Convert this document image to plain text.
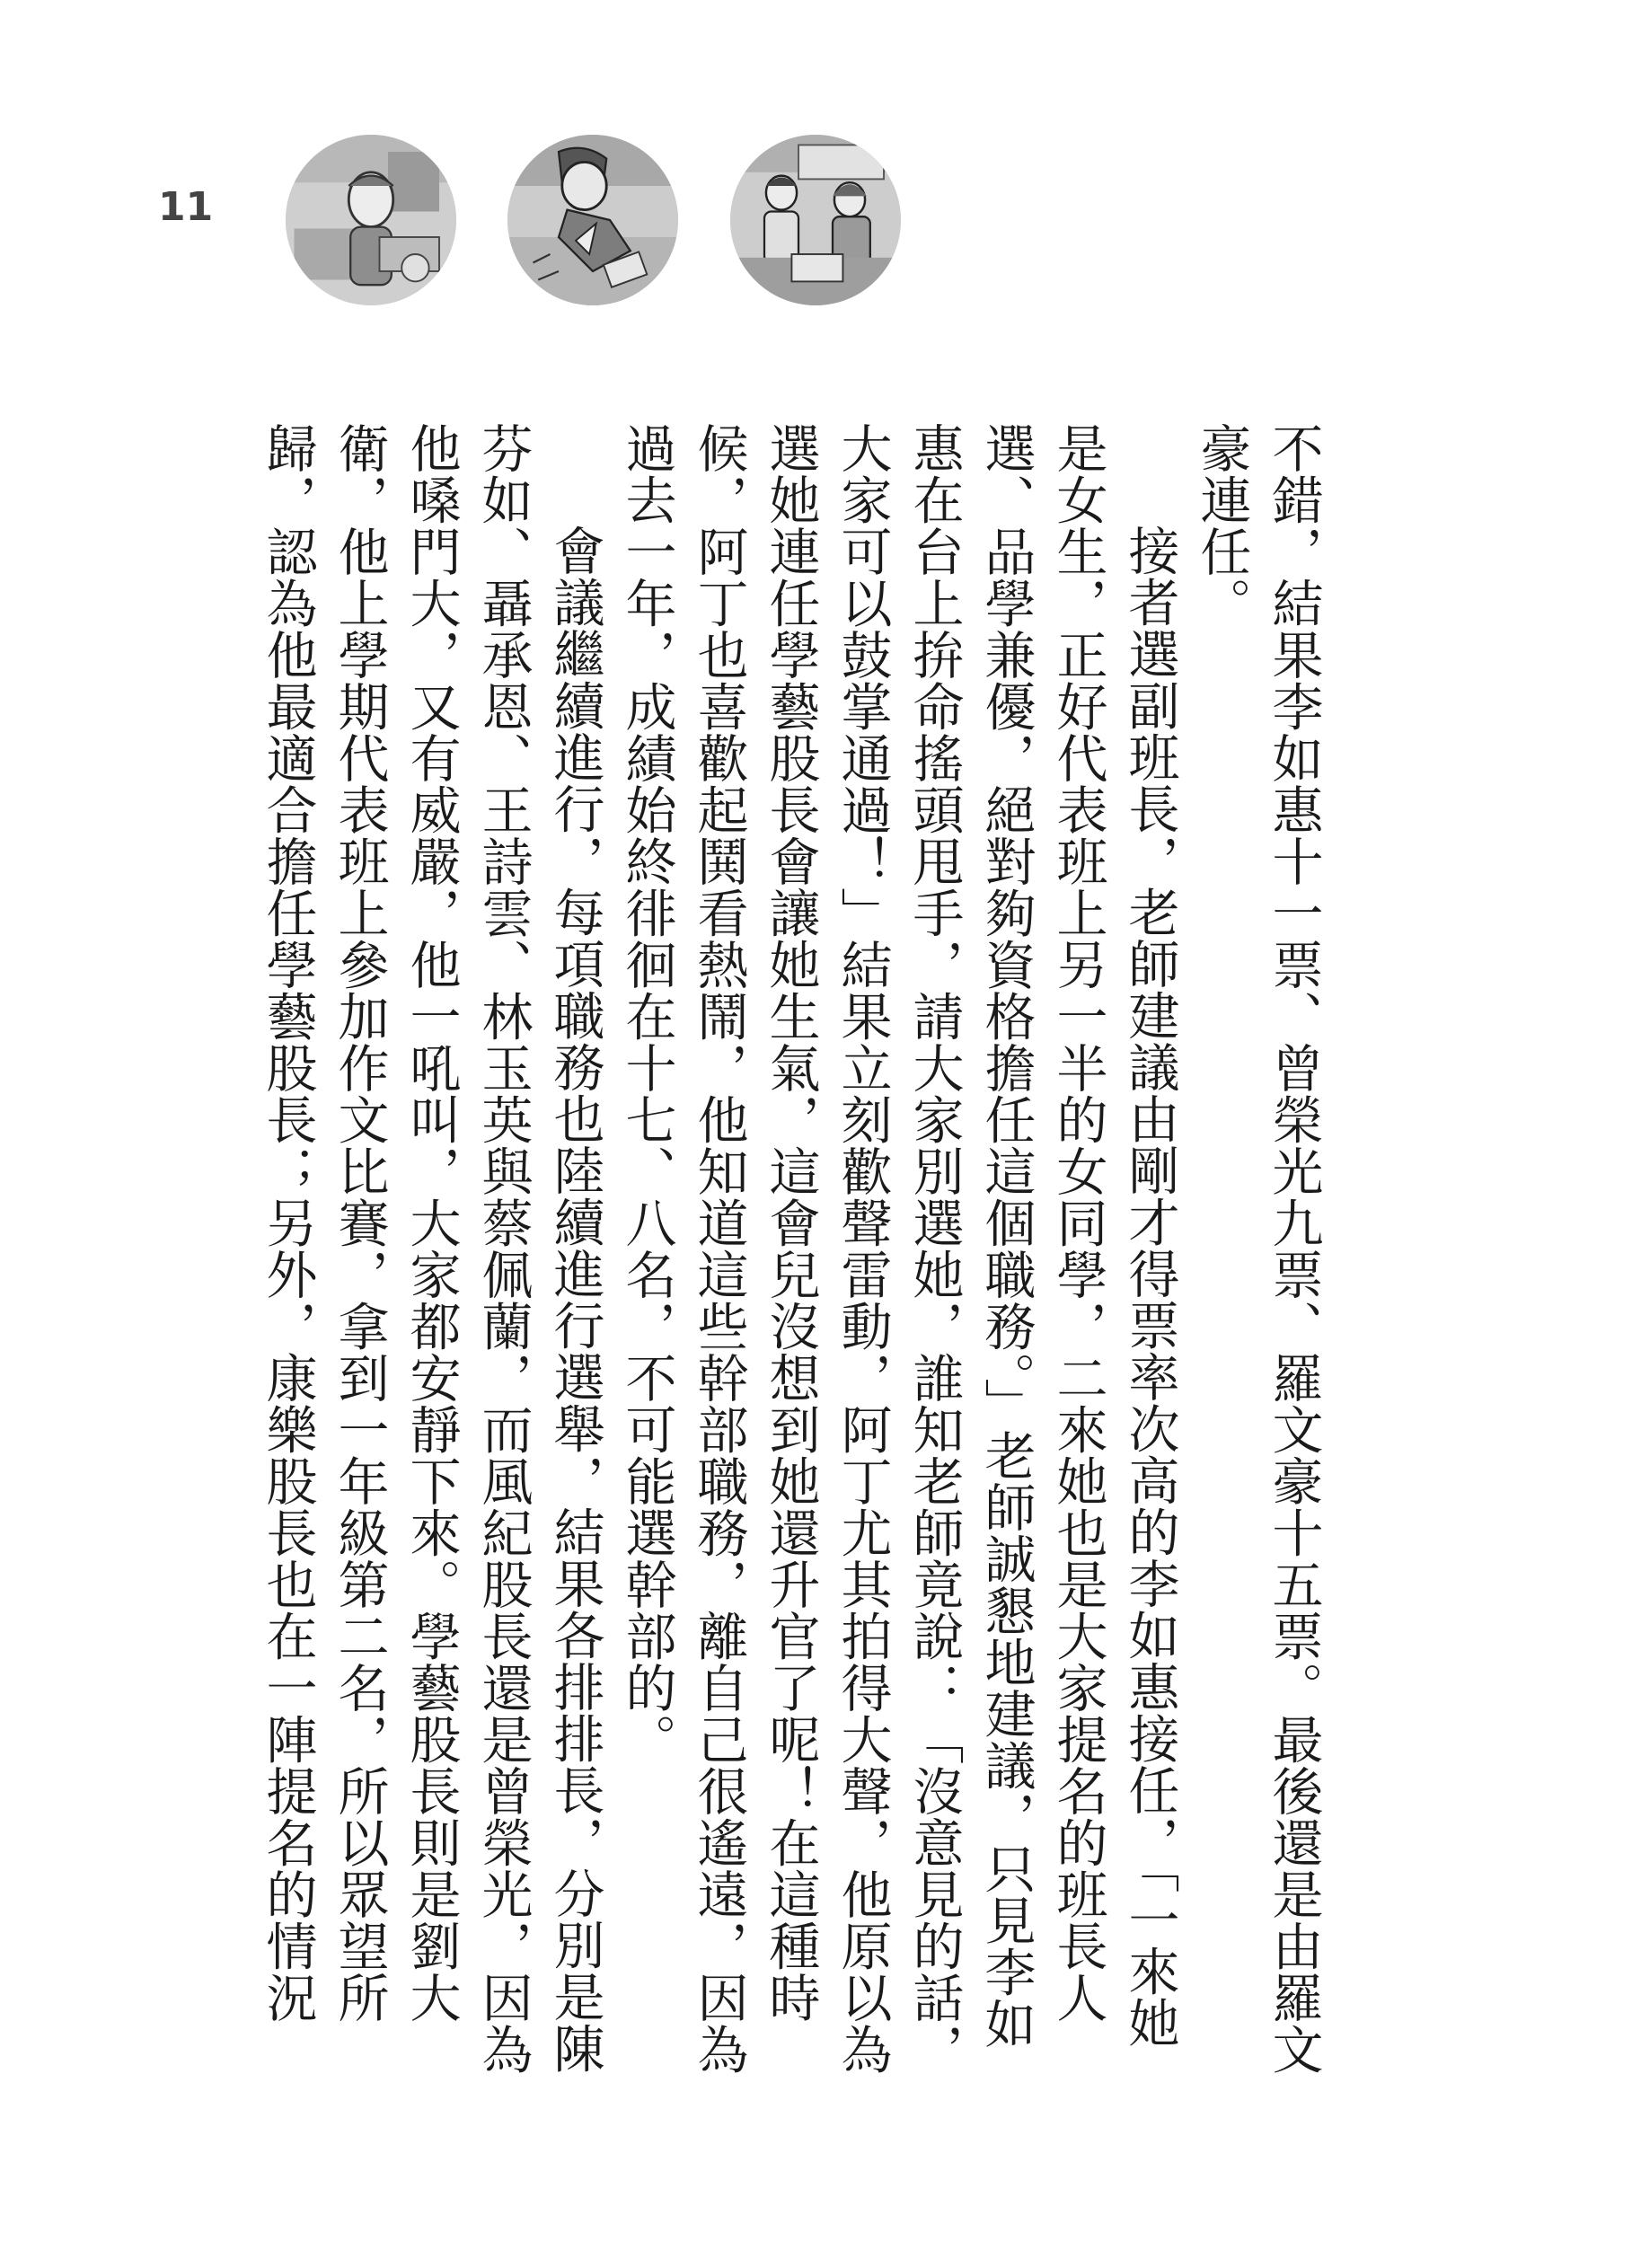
11

不錯，結果李如惠十一票、曾榮光九票、羅文豪十五票。最後還是由羅文豪連任。

接者選副班長，老師建議由剛才得票率次高的李如惠接任，「一來她是女生，正好代表班上另一半的女同學，二來她也是大家提名的班長人選、品學兼優，絕對夠資格擔任這個職務。」老師誠懇地建議，只見李如惠在台上拚命搖頭甩手，請大家別選她，誰知老師竟說：「沒意見的話，大家可以鼓掌通過！」結果立刻歡聲雷動，阿丁尤其拍得大聲，他原以為選她連任學藝股長會讓她生氣，這會兒沒想到她還升官了呢！在這種時候，阿丁也喜歡起鬨看熱鬧，他知道這些幹部職務，離自己很遙遠，因為過去一年，成績始終徘徊在十七、八名，不可能選幹部的。

會議繼續進行，每項職務也陸續進行選舉，結果各排排長，分別是陳芬如、聶承恩、王詩雲、林玉英與蔡佩蘭，而風紀股長還是曾榮光，因為他嗓門大，又有威嚴，他一吼叫，大家都安靜下來。學藝股長則是劉大衛，他上學期代表班上參加作文比賽，拿到一年級第二名，所以眾望所歸，認為他最適合擔任學藝股長；另外，康樂股長也在一陣提名的情況
